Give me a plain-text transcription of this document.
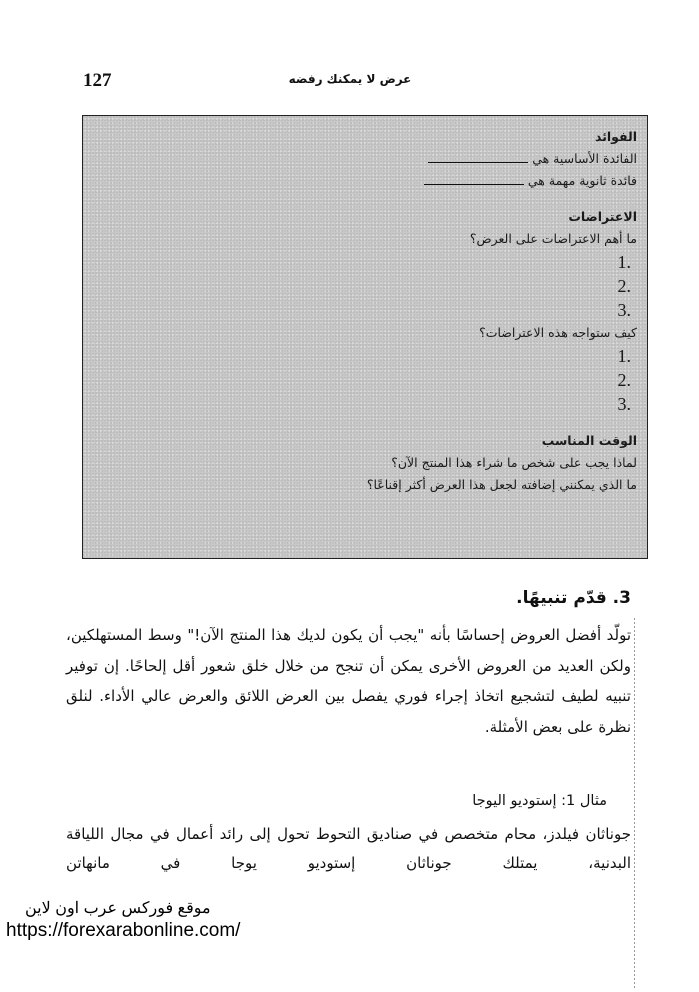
127	عرض لا يمكنك رفضه
الفوائد
الفائدة الأساسية هي
فائدة ثانوية مهمة هي
الاعتراضات
ما أهم الاعتراضات على العرض؟
.1
.2
.3
كيف ستواجه هذه الاعتراضات؟
.1
.2
.3
الوقت المناسب
لماذا يجب على شخص ما شراء هذا المنتج الآن؟
ما الذي يمكنني إضافته لجعل هذا العرض أكثر إقناعًا؟
3. قدّم تنبيهًا.
تولّد أفضل العروض إحساسًا بأنه "يجب أن يكون لديك هذا المنتج الآن!" وسط المستهلكين، ولكن العديد من العروض الأخرى يمكن أن تنجح من خلال خلق شعور أقل إلحاحًا. إن توفير تنبيه لطيف لتشجيع اتخاذ إجراء فوري يفصل بين العرض اللائق والعرض عالي الأداء. لنلق نظرة على بعض الأمثلة.
مثال 1: إستوديو اليوجا
جوناثان فيلدز، محام متخصص في صناديق التحوط تحول إلى رائد أعمال في مجال اللياقة البدنية، يمتلك جوناثان إستوديو يوجا في مانهاتن
موقع فوركس عرب اون لاين
https://forexarabonline.com/
